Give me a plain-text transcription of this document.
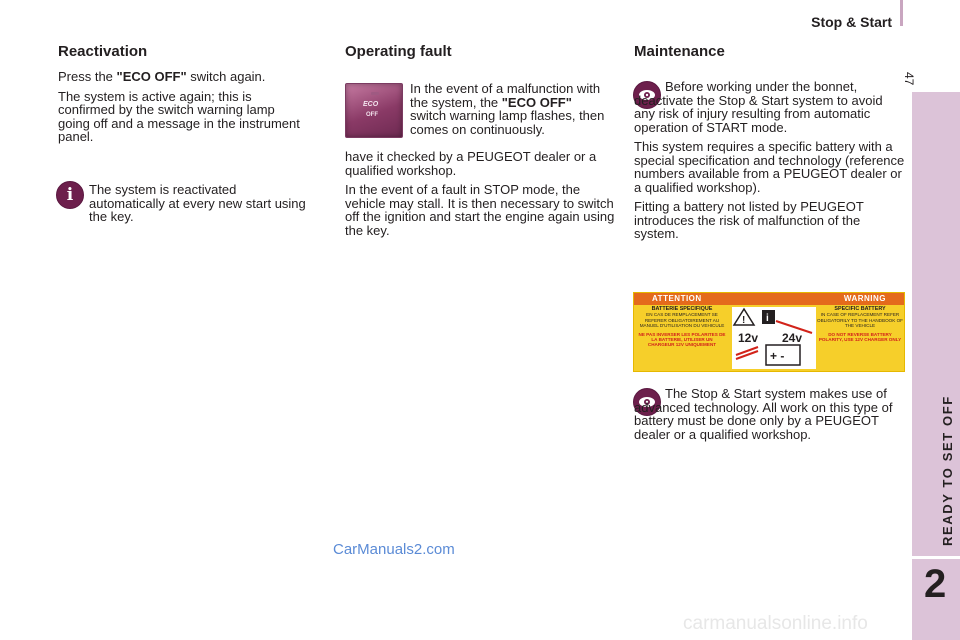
Stop & Start
47
READY TO SET OFF
2
Reactivation

Press the "ECO OFF" switch again.

The system is active again; this is confirmed by the switch warning lamp going off and a message in the instrument panel.

i The system is reactivated automatically at every new start using the key.

Operating fault
ECO
OFF

In the event of a malfunction with the system, the "ECO OFF" switch warning lamp flashes, then comes on continuously.

have it checked by a PEUGEOT dealer or a qualified workshop.

In the event of a fault in STOP mode, the vehicle may stall. It is then necessary to switch off the ignition and start the engine again using the key.

Maintenance

Before working under the bonnet, deactivate the Stop & Start system to avoid any risk of injury resulting from automatic operation of START mode.

This system requires a specific battery with a special specification and technology (reference numbers available from a PEUGEOT dealer or a qualified workshop).

Fitting a battery not listed by PEUGEOT introduces the risk of malfunction of the system.

ATTENTION	WARNING
BATTERIE SPECIFIQUE
EN CAS DE REMPLACEMENT SE REFERER OBLIGATOIREMENT AU MANUEL D'UTILISATION DU VEHICULE
NE PAS INVERSER LES POLARITES DE LA BATTERIE, UTILISER UN CHARGEUR 12V UNIQUEMENT
! i
+ -
12v 24v
SPECIFIC BATTERY
IN CASE OF REPLACEMENT REFER OBLIGATORILY TO THE HANDBOOK OF THE VEHICLE
DO NOT REVERSE BATTERY POLARITY, USE 12V CHARGER ONLY

The Stop & Start system makes use of advanced technology. All work on this type of battery must be done only by a PEUGEOT dealer or a qualified workshop.

CarManuals2.com
carmanualsonline.info
